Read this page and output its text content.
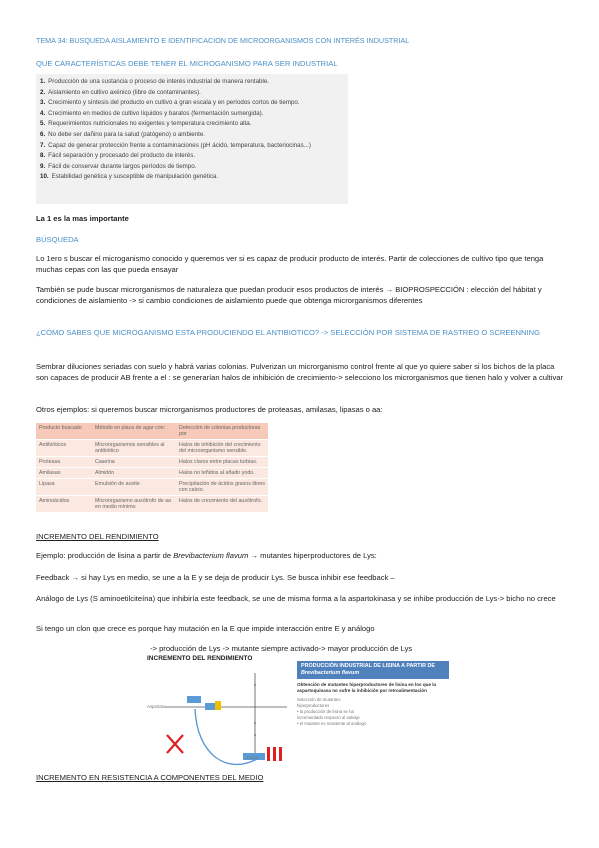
TEMA 34: BUSQUEDA AISLAMIENTO E IDENTIFICACION DE MICROORGANISMOS CON INTERÉS INDUSTRIAL
QUE CARACTERÍSTICAS DEBE TENER EL MICROGANISMO PARA SER INDUSTRIAL
1. Producción de una sustancia o proceso de interés industrial de manera rentable.
2. Aislamiento en cultivo axénico (libre de contaminantes).
3. Crecimiento y síntesis del producto en cultivo a gran escala y en períodos cortos de tiempo.
4. Crecimiento en medios de cultivo líquidos y baratos (fermentación sumergida).
5. Requerimientos nutricionales no exigentes y temperatura crecimiento alta.
6. No debe ser dañino para la salud (patógeno) o ambiente.
7. Capaz de generar protección frente a contaminaciones (pH ácido, temperatura, bacteriocinas...)
8. Fácil separación y procesado del producto de interés.
9. Fácil de conservar durante largos períodos de tiempo.
10. Estabilidad genética y susceptible de manipulación genética.
La 1 es la mas importante
BÚSQUEDA
Lo 1ero s buscar el microganismo conocido y queremos ver si es capaz de producir producto de interés. Partir de colecciones de cultivo tipo que tenga muchas cepas con las que pueda ensayar
También se pude buscar microrganismos de naturaleza que puedan producir esos productos de interés → BIOPROSPECCIÓN : elección del hábitat y condiciones de aislamiento -> si cambio condiciones de aislamiento puede que obtenga microrganismos diferentes
¿CÓMO SABES QUE MICROGANISMO ESTA PRODUCIENDO EL ANTIBIOTICO? -> SELECCIÓN POR SISTEMA DE RASTREO O SCREENNING
Sembrar diluciones seriadas con suelo y habrá varias colonias. Pulverizan un microrganismo control frente al que yo quiere saber si los bichos de la placa son capaces de producir AB frente a el : se generarían halos de inhibición de crecimiento-> selecciono los microrganismos que tienen halo y volver a cultivar
Otros ejemplos: si queremos buscar microrganismos productores de proteasas, amilasas, lipasas o aa:
Producto buscado	Método en placa de agar con:	Detección de colonias productoras por
Antibióticos	Microorganismos sensibles al antibiótico	Halos de inhibición del crecimiento del microorganismo sensible.
Proteasa	Caseína	Halos claros entre placas turbias.
Amilasas	Almidón	Halos no teñidos al añadir yodo.
Lipasa	Emulsión de aceite	Precipitación de ácidos grasos libres con calcio.
Aminoácidos	Microorganismo auxótrofo de aa en medio mínimo	Halos de crecimiento del auxótrofo.
INCREMENTO DEL RENDIMIENTO
Ejemplo: producción de lisina a partir de Brevibacterium flavum → mutantes hiperproductores de Lys:
Feedback → si hay Lys en medio, se une a la E y se deja de producir Lys. Se busca inhibir ese feedback –
Análogo de Lys (S aminoetilciteína) que inhibiría este feedback, se une de misma forma a la aspartokinasa y se inhibe producción de Lys-> bicho no crece
Si tengo un clon que crece es porque hay mutación en la E que impide interacción entre E y análogo
-> producción de Lys -> mutante siempre activado-> mayor producción de Lys
INCREMENTO DEL RENDIMIENTO
Aspartato
Lisina
PRODUCCIÓN INDUSTRIAL DE LISINA A PARTIR DE
Brevibacterium flavum
Obtención de mutantes hiperproductores de lisina en los que la aspartoquinasa no sufre la inhibición por retroalimentación
Selección de mutantes
hiperproductores
• la producción de lisina se ha
incrementado respecto al salvaje
• el mutante es resistente al análogo
INCREMENTO EN RESISTENCIA A COMPONENTES DEL MEDIO
